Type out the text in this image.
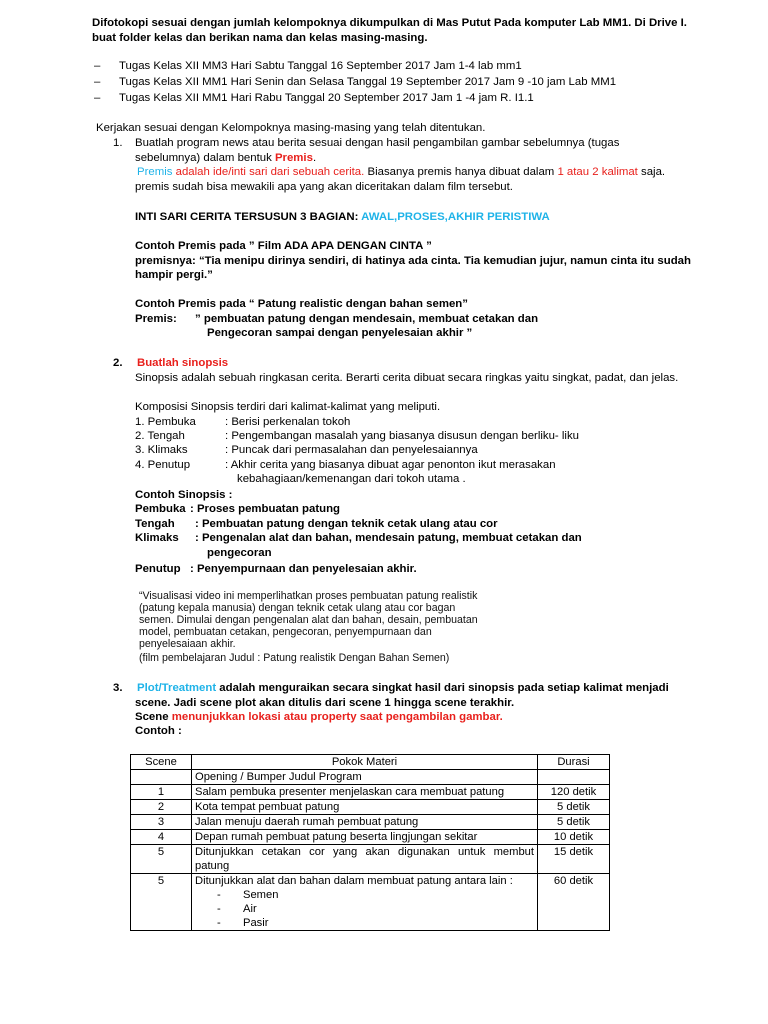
Difotokopi sesuai dengan jumlah kelompoknya dikumpulkan di Mas Putut Pada komputer Lab MM1. Di Drive I.
buat folder kelas dan berikan nama dan kelas masing-masing.
– Tugas Kelas XII MM3 Hari Sabtu Tanggal 16 September 2017 Jam 1-4 lab mm1
– Tugas Kelas XII MM1 Hari Senin dan Selasa Tanggal 19 September 2017 Jam 9 -10 jam Lab MM1
– Tugas Kelas XII MM1 Hari Rabu Tanggal 20 September 2017 Jam 1 -4 jam R. I1.1
Kerjakan sesuai dengan Kelompoknya masing-masing yang telah ditentukan.
1. Buatlah program news atau berita sesuai dengan hasil pengambilan gambar sebelumnya (tugas
sebelumnya) dalam bentuk Premis.
Premis adalah ide/inti sari dari sebuah cerita. Biasanya premis hanya dibuat dalam 1 atau 2 kalimat saja.
premis sudah bisa mewakili apa yang akan diceritakan dalam film tersebut.
INTI SARI CERITA TERSUSUN 3 BAGIAN: AWAL,PROSES,AKHIR PERISTIWA
Contoh Premis pada ” Film ADA APA DENGAN CINTA ”
premisnya: “Tia menipu dirinya sendiri, di hatinya ada cinta. Tia kemudian jujur, namun cinta itu sudah
hampir pergi.”
Contoh Premis pada “ Patung realistic dengan bahan semen”
Premis: ” pembuatan patung dengan mendesain, membuat cetakan dan
Pengecoran sampai dengan penyelesaian akhir ”
2. Buatlah sinopsis
Sinopsis adalah sebuah ringkasan cerita. Berarti cerita dibuat secara ringkas yaitu singkat, padat, dan jelas.
Komposisi Sinopsis terdiri dari kalimat-kalimat yang meliputi.
1. Pembuka	: Berisi perkenalan tokoh
2. Tengah	: Pengembangan masalah yang biasanya disusun dengan berliku- liku
3. Klimaks	: Puncak dari permasalahan dan penyelesaiannya
4. Penutup	: Akhir cerita yang biasanya dibuat agar penonton ikut merasakan
kebahagiaan/kemenangan dari tokoh utama .
Contoh Sinopsis :
Pembuka : Proses pembuatan patung
Tengah : Pembuatan patung dengan teknik cetak ulang atau cor
Klimaks : Pengenalan alat dan bahan, mendesain patung, membuat cetakan dan
pengecoran
Penutup : Penyempurnaan dan penyelesaian akhir.
“Visualisasi video ini memperlihatkan proses pembuatan patung realistik
(patung kepala manusia) dengan teknik cetak ulang atau cor bagan
semen. Dimulai dengan pengenalan alat dan bahan, desain, pembuatan
model, pembuatan cetakan, pengecoran, penyempurnaan dan
penyelesaiaan akhir.
(film pembelajaran Judul : Patung realistik Dengan Bahan Semen)
3. Plot/Treatment adalah menguraikan secara singkat hasil dari sinopsis pada setiap kalimat menjadi
scene. Jadi scene plot akan ditulis dari scene 1 hingga scene terakhir.
Scene menunjukkan lokasi atau property saat pengambilan gambar.
Contoh :
Scene	Pokok Materi	Durasi
	Opening / Bumper Judul Program	
1	Salam pembuka presenter menjelaskan cara membuat patung	120 detik
2	Kota tempat pembuat patung	5 detik
3	Jalan menuju daerah rumah pembuat patung	5 detik
4	Depan rumah pembuat patung beserta lingjungan sekitar	10 detik
5	Ditunjukkan cetakan cor yang akan digunakan untuk membut patung	15 detik
5	Ditunjukkan alat dan bahan dalam membuat patung antara lain :
- Semen
- Air
- Pasir	60 detik
